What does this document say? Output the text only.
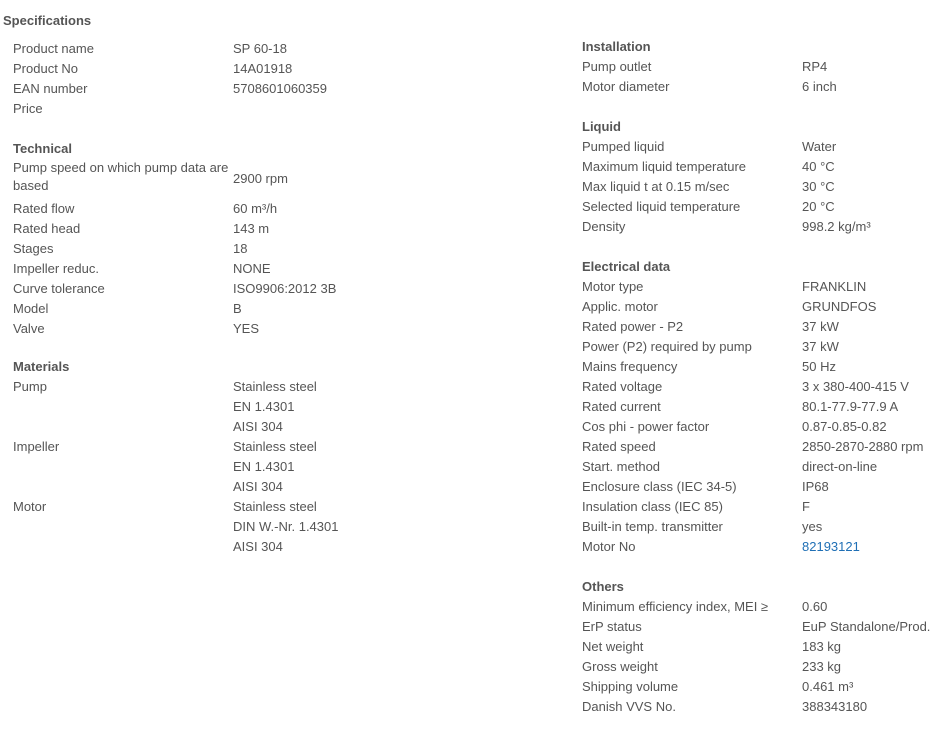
Specifications
Product name	SP 60-18
Product No	14A01918
EAN number	5708601060359
Price
Technical
Pump speed on which pump data are based	2900 rpm
Rated flow	60 m³/h
Rated head	143 m
Stages	18
Impeller reduc.	NONE
Curve tolerance	ISO9906:2012 3B
Model	B
Valve	YES
Materials
Pump	Stainless steel
EN 1.4301
AISI 304
Impeller	Stainless steel
EN 1.4301
AISI 304
Motor	Stainless steel
DIN W.-Nr. 1.4301
AISI 304
Installation
Pump outlet	RP4
Motor diameter	6 inch
Liquid
Pumped liquid	Water
Maximum liquid temperature	40 °C
Max liquid t at 0.15 m/sec	30 °C
Selected liquid temperature	20 °C
Density	998.2 kg/m³
Electrical data
Motor type	FRANKLIN
Applic. motor	GRUNDFOS
Rated power - P2	37 kW
Power (P2) required by pump	37 kW
Mains frequency	50 Hz
Rated voltage	3 x 380-400-415 V
Rated current	80.1-77.9-77.9 A
Cos phi - power factor	0.87-0.85-0.82
Rated speed	2850-2870-2880 rpm
Start. method	direct-on-line
Enclosure class (IEC 34-5)	IP68
Insulation class (IEC 85)	F
Built-in temp. transmitter	yes
Motor No	82193121
Others
Minimum efficiency index, MEI ≥	0.60
ErP status	EuP Standalone/Prod.
Net weight	183 kg
Gross weight	233 kg
Shipping volume	0.461 m³
Danish VVS No.	388343180
